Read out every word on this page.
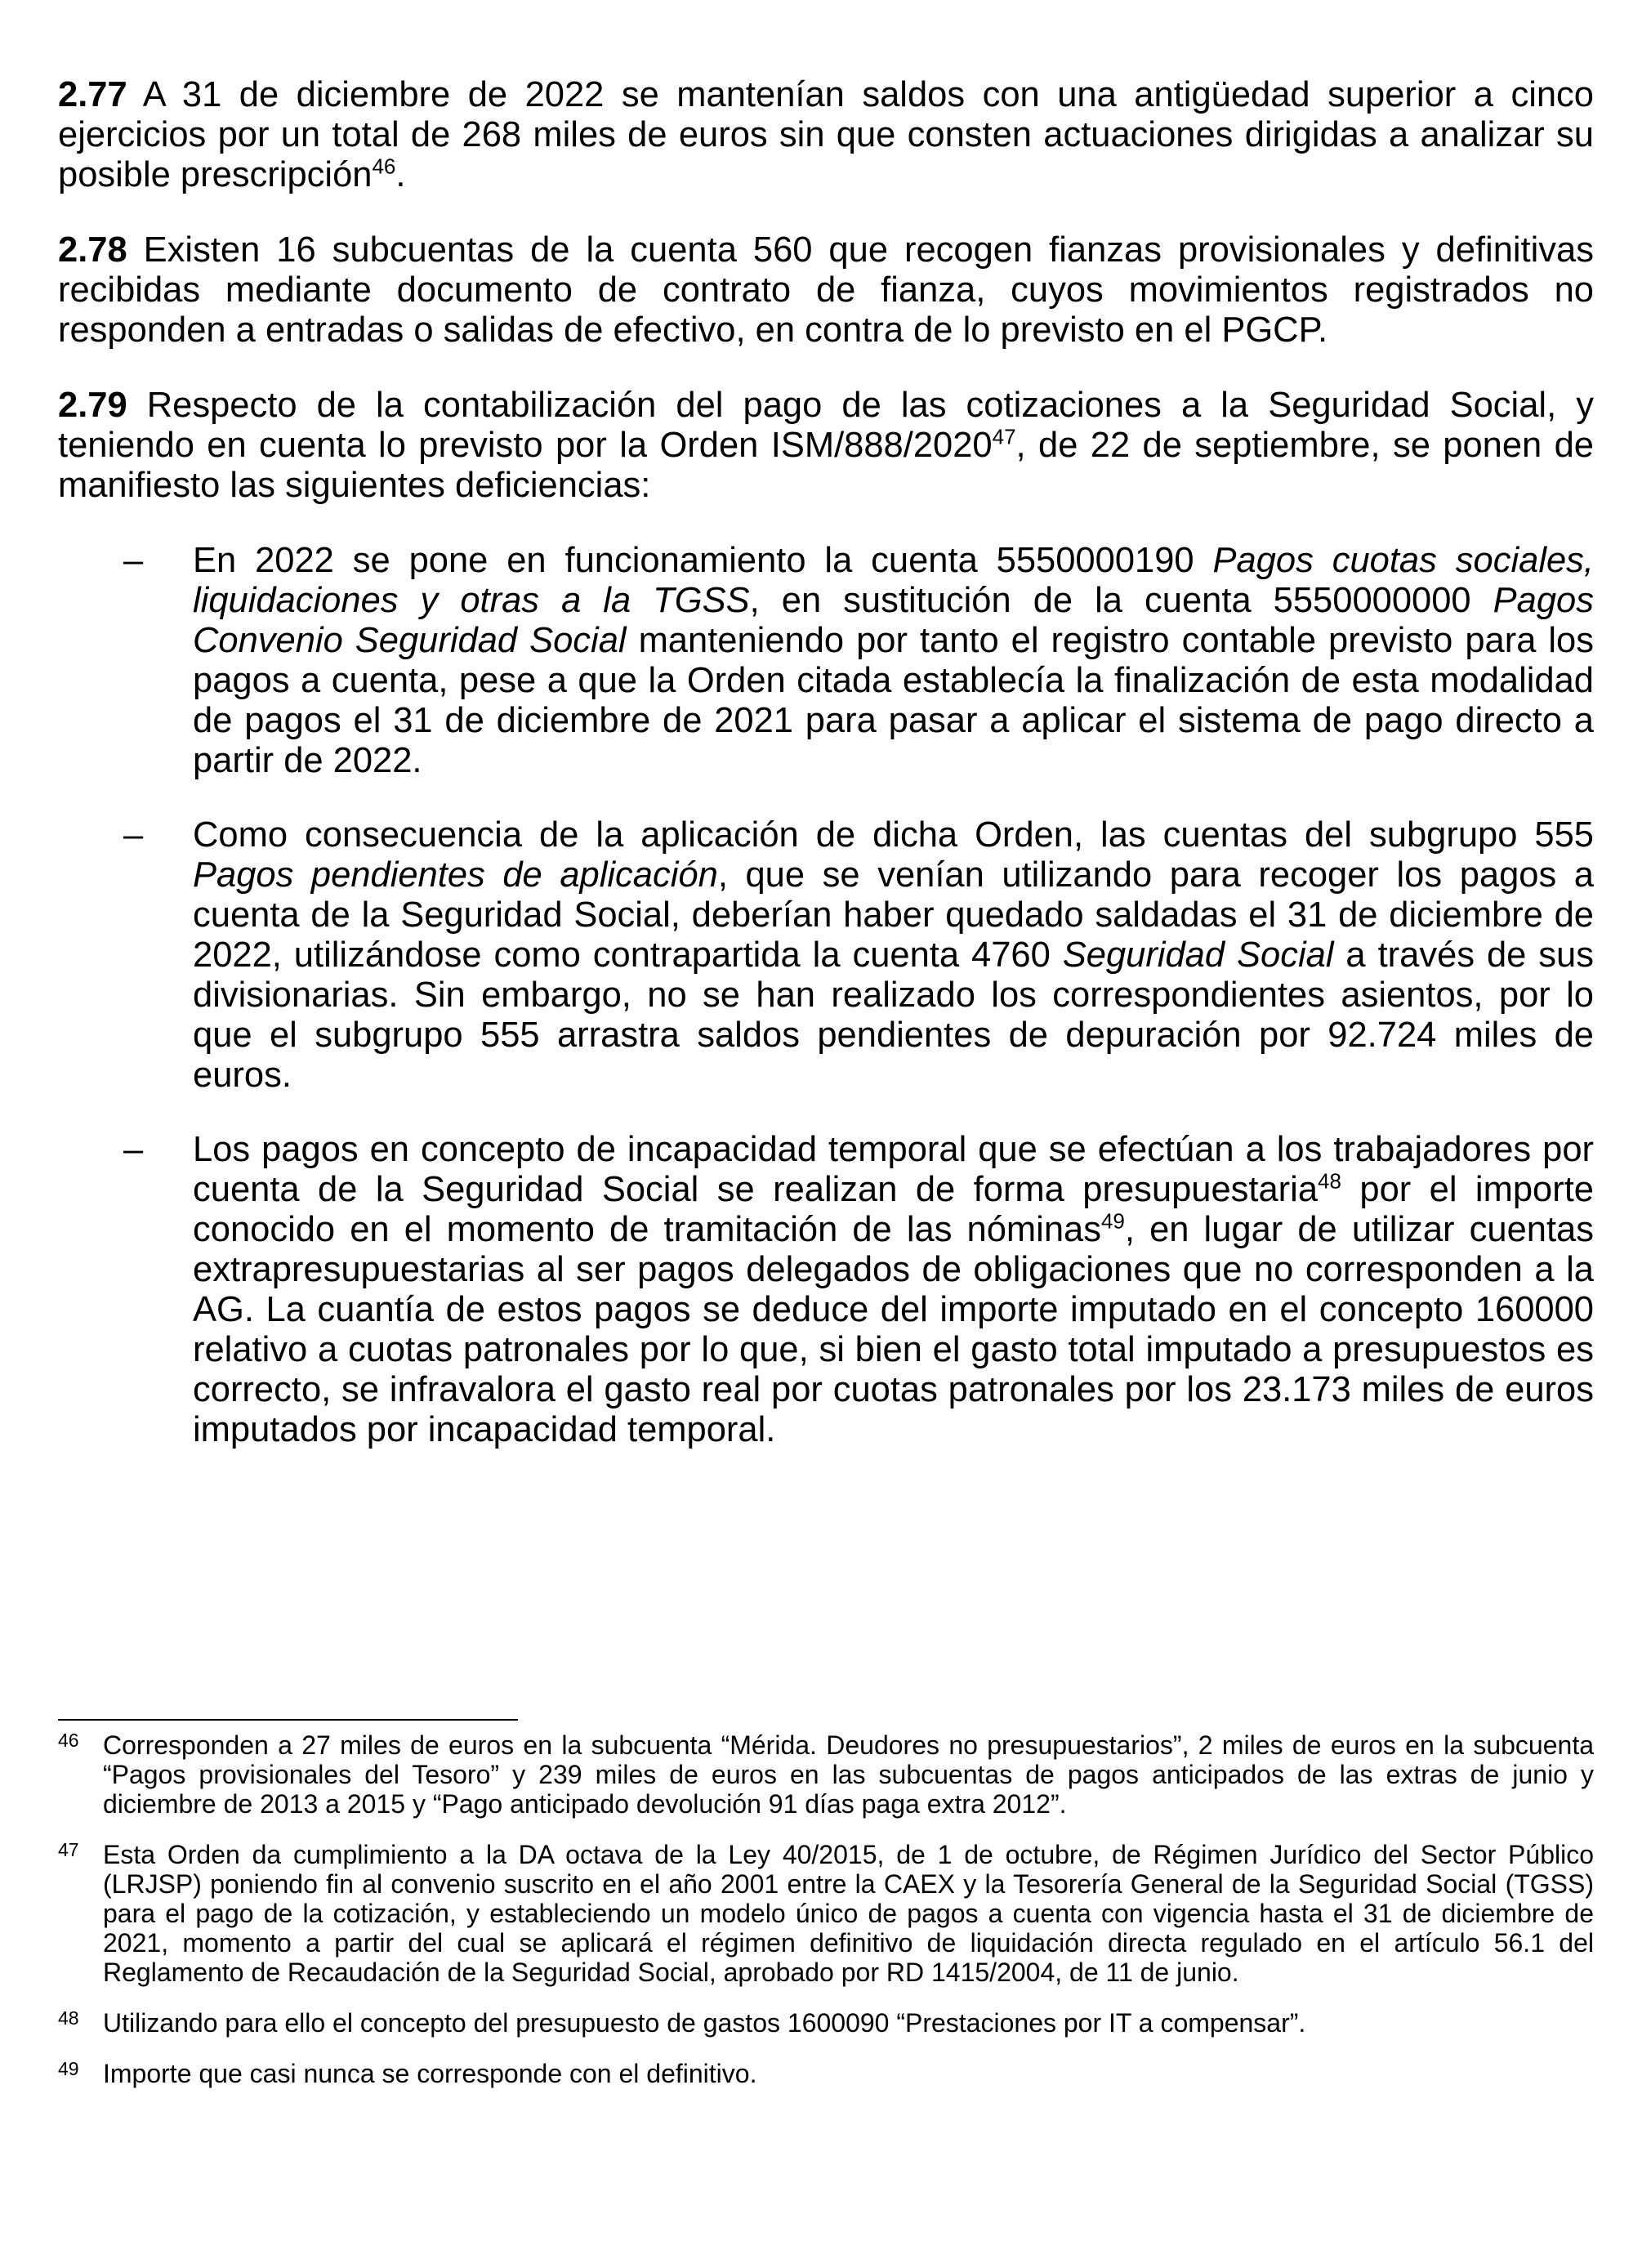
2.77 A 31 de diciembre de 2022 se mantenían saldos con una antigüedad superior a cinco ejercicios por un total de 268 miles de euros sin que consten actuaciones dirigidas a analizar su posible prescripción$^{46}$.

2.78 Existen 16 subcuentas de la cuenta 560 que recogen fianzas provisionales y definitivas recibidas mediante documento de contrato de fianza, cuyos movimientos registrados no responden a entradas o salidas de efectivo, en contra de lo previsto en el PGCP.

2.79 Respecto de la contabilización del pago de las cotizaciones a la Seguridad Social, y teniendo en cuenta lo previsto por la Orden ISM/888/2020$^{47}$, de 22 de septiembre, se ponen de manifiesto las siguientes deficiencias:

–	En 2022 se pone en funcionamiento la cuenta 5550000190 Pagos cuotas sociales, liquidaciones y otras a la TGSS, en sustitución de la cuenta 5550000000 Pagos Convenio Seguridad Social manteniendo por tanto el registro contable previsto para los pagos a cuenta, pese a que la Orden citada establecía la finalización de esta modalidad de pagos el 31 de diciembre de 2021 para pasar a aplicar el sistema de pago directo a partir de 2022.
–	Como consecuencia de la aplicación de dicha Orden, las cuentas del subgrupo 555 Pagos pendientes de aplicación, que se venían utilizando para recoger los pagos a cuenta de la Seguridad Social, deberían haber quedado saldadas el 31 de diciembre de 2022, utilizándose como contrapartida la cuenta 4760 Seguridad Social a través de sus divisionarias. Sin embargo, no se han realizado los correspondientes asientos, por lo que el subgrupo 555 arrastra saldos pendientes de depuración por 92.724 miles de euros.
–	Los pagos en concepto de incapacidad temporal que se efectúan a los trabajadores por cuenta de la Seguridad Social se realizan de forma presupuestaria$^{48}$ por el importe conocido en el momento de tramitación de las nóminas$^{49}$, en lugar de utilizar cuentas extrapresupuestarias al ser pagos delegados de obligaciones que no corresponden a la AG. La cuantía de estos pagos se deduce del importe imputado en el concepto 160000 relativo a cuotas patronales por lo que, si bien el gasto total imputado a presupuestos es correcto, se infravalora el gasto real por cuotas patronales por los 23.173 miles de euros imputados por incapacidad temporal.
46 Corresponden a 27 miles de euros en la subcuenta “Mérida. Deudores no presupuestarios”, 2 miles de euros en la subcuenta “Pagos provisionales del Tesoro” y 239 miles de euros en las subcuentas de pagos anticipados de las extras de junio y diciembre de 2013 a 2015 y “Pago anticipado devolución 91 días paga extra 2012”.
47 Esta Orden da cumplimiento a la DA octava de la Ley 40/2015, de 1 de octubre, de Régimen Jurídico del Sector Público (LRJSP) poniendo fin al convenio suscrito en el año 2001 entre la CAEX y la Tesorería General de la Seguridad Social (TGSS) para el pago de la cotización, y estableciendo un modelo único de pagos a cuenta con vigencia hasta el 31 de diciembre de 2021, momento a partir del cual se aplicará el régimen definitivo de liquidación directa regulado en el artículo 56.1 del Reglamento de Recaudación de la Seguridad Social, aprobado por RD 1415/2004, de 11 de junio.
48 Utilizando para ello el concepto del presupuesto de gastos 1600090 “Prestaciones por IT a compensar”.
49 Importe que casi nunca se corresponde con el definitivo.
